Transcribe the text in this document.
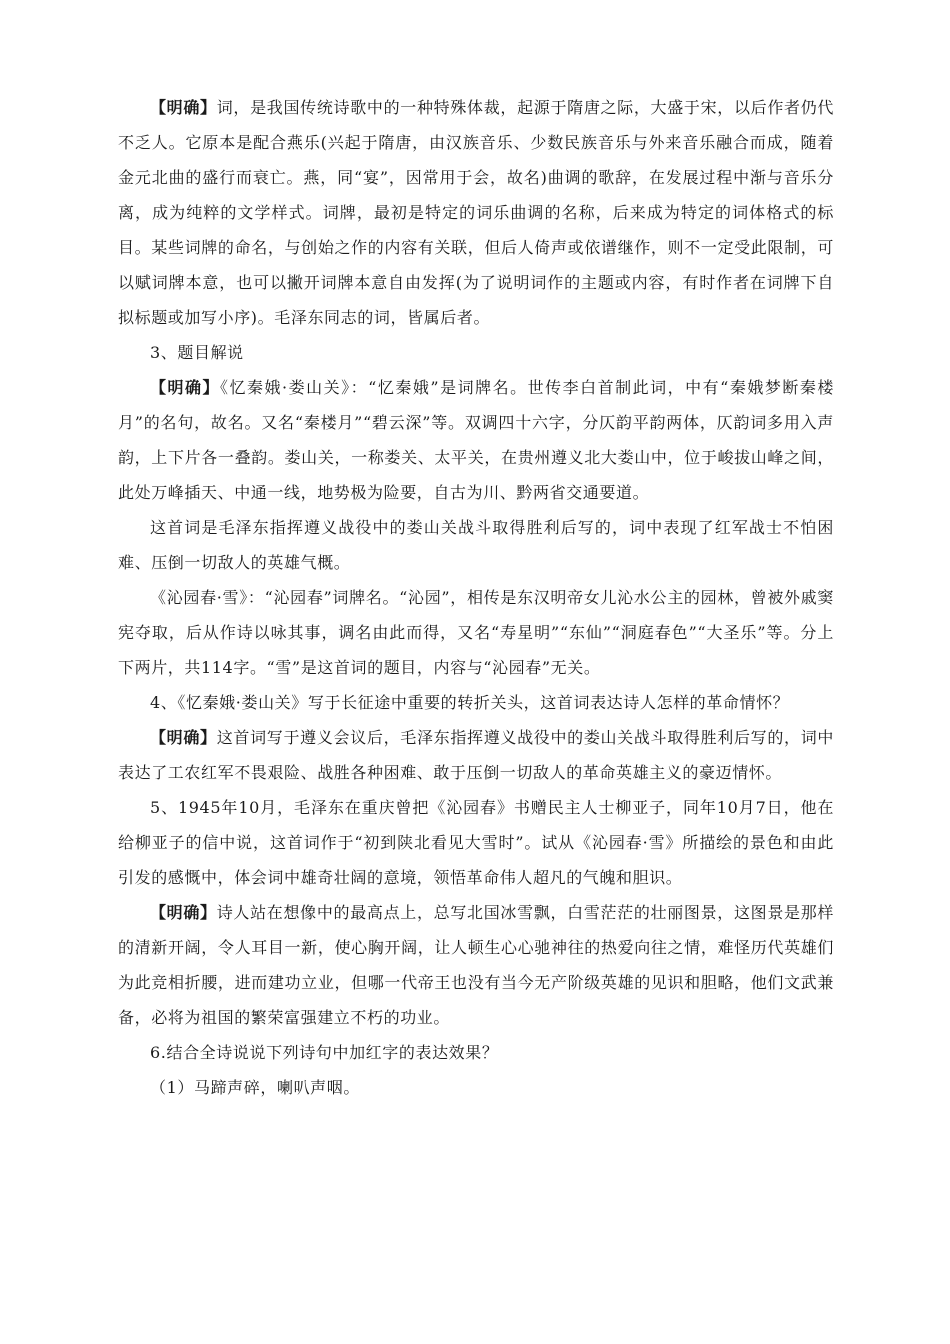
【明确】词，是我国传统诗歌中的一种特殊体裁，起源于隋唐之际，大盛于宋，以后作者仍代不乏人。它原本是配合燕乐(兴起于隋唐，由汉族音乐、少数民族音乐与外来音乐融合而成，随着金元北曲的盛行而衰亡。燕，同“宴”，因常用于会，故名)曲调的歌辞，在发展过程中渐与音乐分离，成为纯粹的文学样式。词牌，最初是特定的词乐曲调的名称，后来成为特定的词体格式的标目。某些词牌的命名，与创始之作的内容有关联，但后人倚声或依谱继作，则不一定受此限制，可以赋词牌本意，也可以撇开词牌本意自由发挥(为了说明词作的主题或内容，有时作者在词牌下自拟标题或加写小序)。毛泽东同志的词，皆属后者。

3、题目解说

【明确】《忆秦娥·娄山关》：“忆秦娥”是词牌名。世传李白首制此词，中有“秦娥梦断秦楼月”的名句，故名。又名“秦楼月”“碧云深”等。双调四十六字，分仄韵平韵两体，仄韵词多用入声韵，上下片各一叠韵。娄山关，一称娄关、太平关，在贵州遵义北大娄山中，位于峻拔山峰之间，此处万峰插天、中通一线，地势极为险要，自古为川、黔两省交通要道。

这首词是毛泽东指挥遵义战役中的娄山关战斗取得胜利后写的，词中表现了红军战士不怕困难、压倒一切敌人的英雄气概。

《沁园春·雪》：“沁园春”词牌名。“沁园”，相传是东汉明帝女儿沁水公主的园林，曾被外戚窦宪夺取，后从作诗以咏其事，调名由此而得，又名“寿星明”“东仙”“洞庭春色”“大圣乐”等。分上下两片，共114字。“雪”是这首词的题目，内容与“沁园春”无关。

4、《忆秦娥·娄山关》写于长征途中重要的转折关头，这首词表达诗人怎样的革命情怀？

【明确】这首词写于遵义会议后，毛泽东指挥遵义战役中的娄山关战斗取得胜利后写的，词中表达了工农红军不畏艰险、战胜各种困难、敢于压倒一切敌人的革命英雄主义的豪迈情怀。

5、1945年10月，毛泽东在重庆曾把《沁园春》书赠民主人士柳亚子，同年10月7日，他在给柳亚子的信中说，这首词作于“初到陕北看见大雪时”。试从《沁园春·雪》所描绘的景色和由此引发的感慨中，体会词中雄奇壮阔的意境，领悟革命伟人超凡的气魄和胆识。

【明确】诗人站在想像中的最高点上，总写北国冰雪飘，白雪茫茫的壮丽图景，这图景是那样的清新开阔，令人耳目一新，使心胸开阔，让人顿生心心驰神往的热爱向往之情，难怪历代英雄们为此竞相折腰，进而建功立业，但哪一代帝王也没有当今无产阶级英雄的见识和胆略，他们文武兼备，必将为祖国的繁荣富强建立不朽的功业。

6.结合全诗说说下列诗句中加红字的表达效果？

（1）马蹄声碎，喇叭声咽。
